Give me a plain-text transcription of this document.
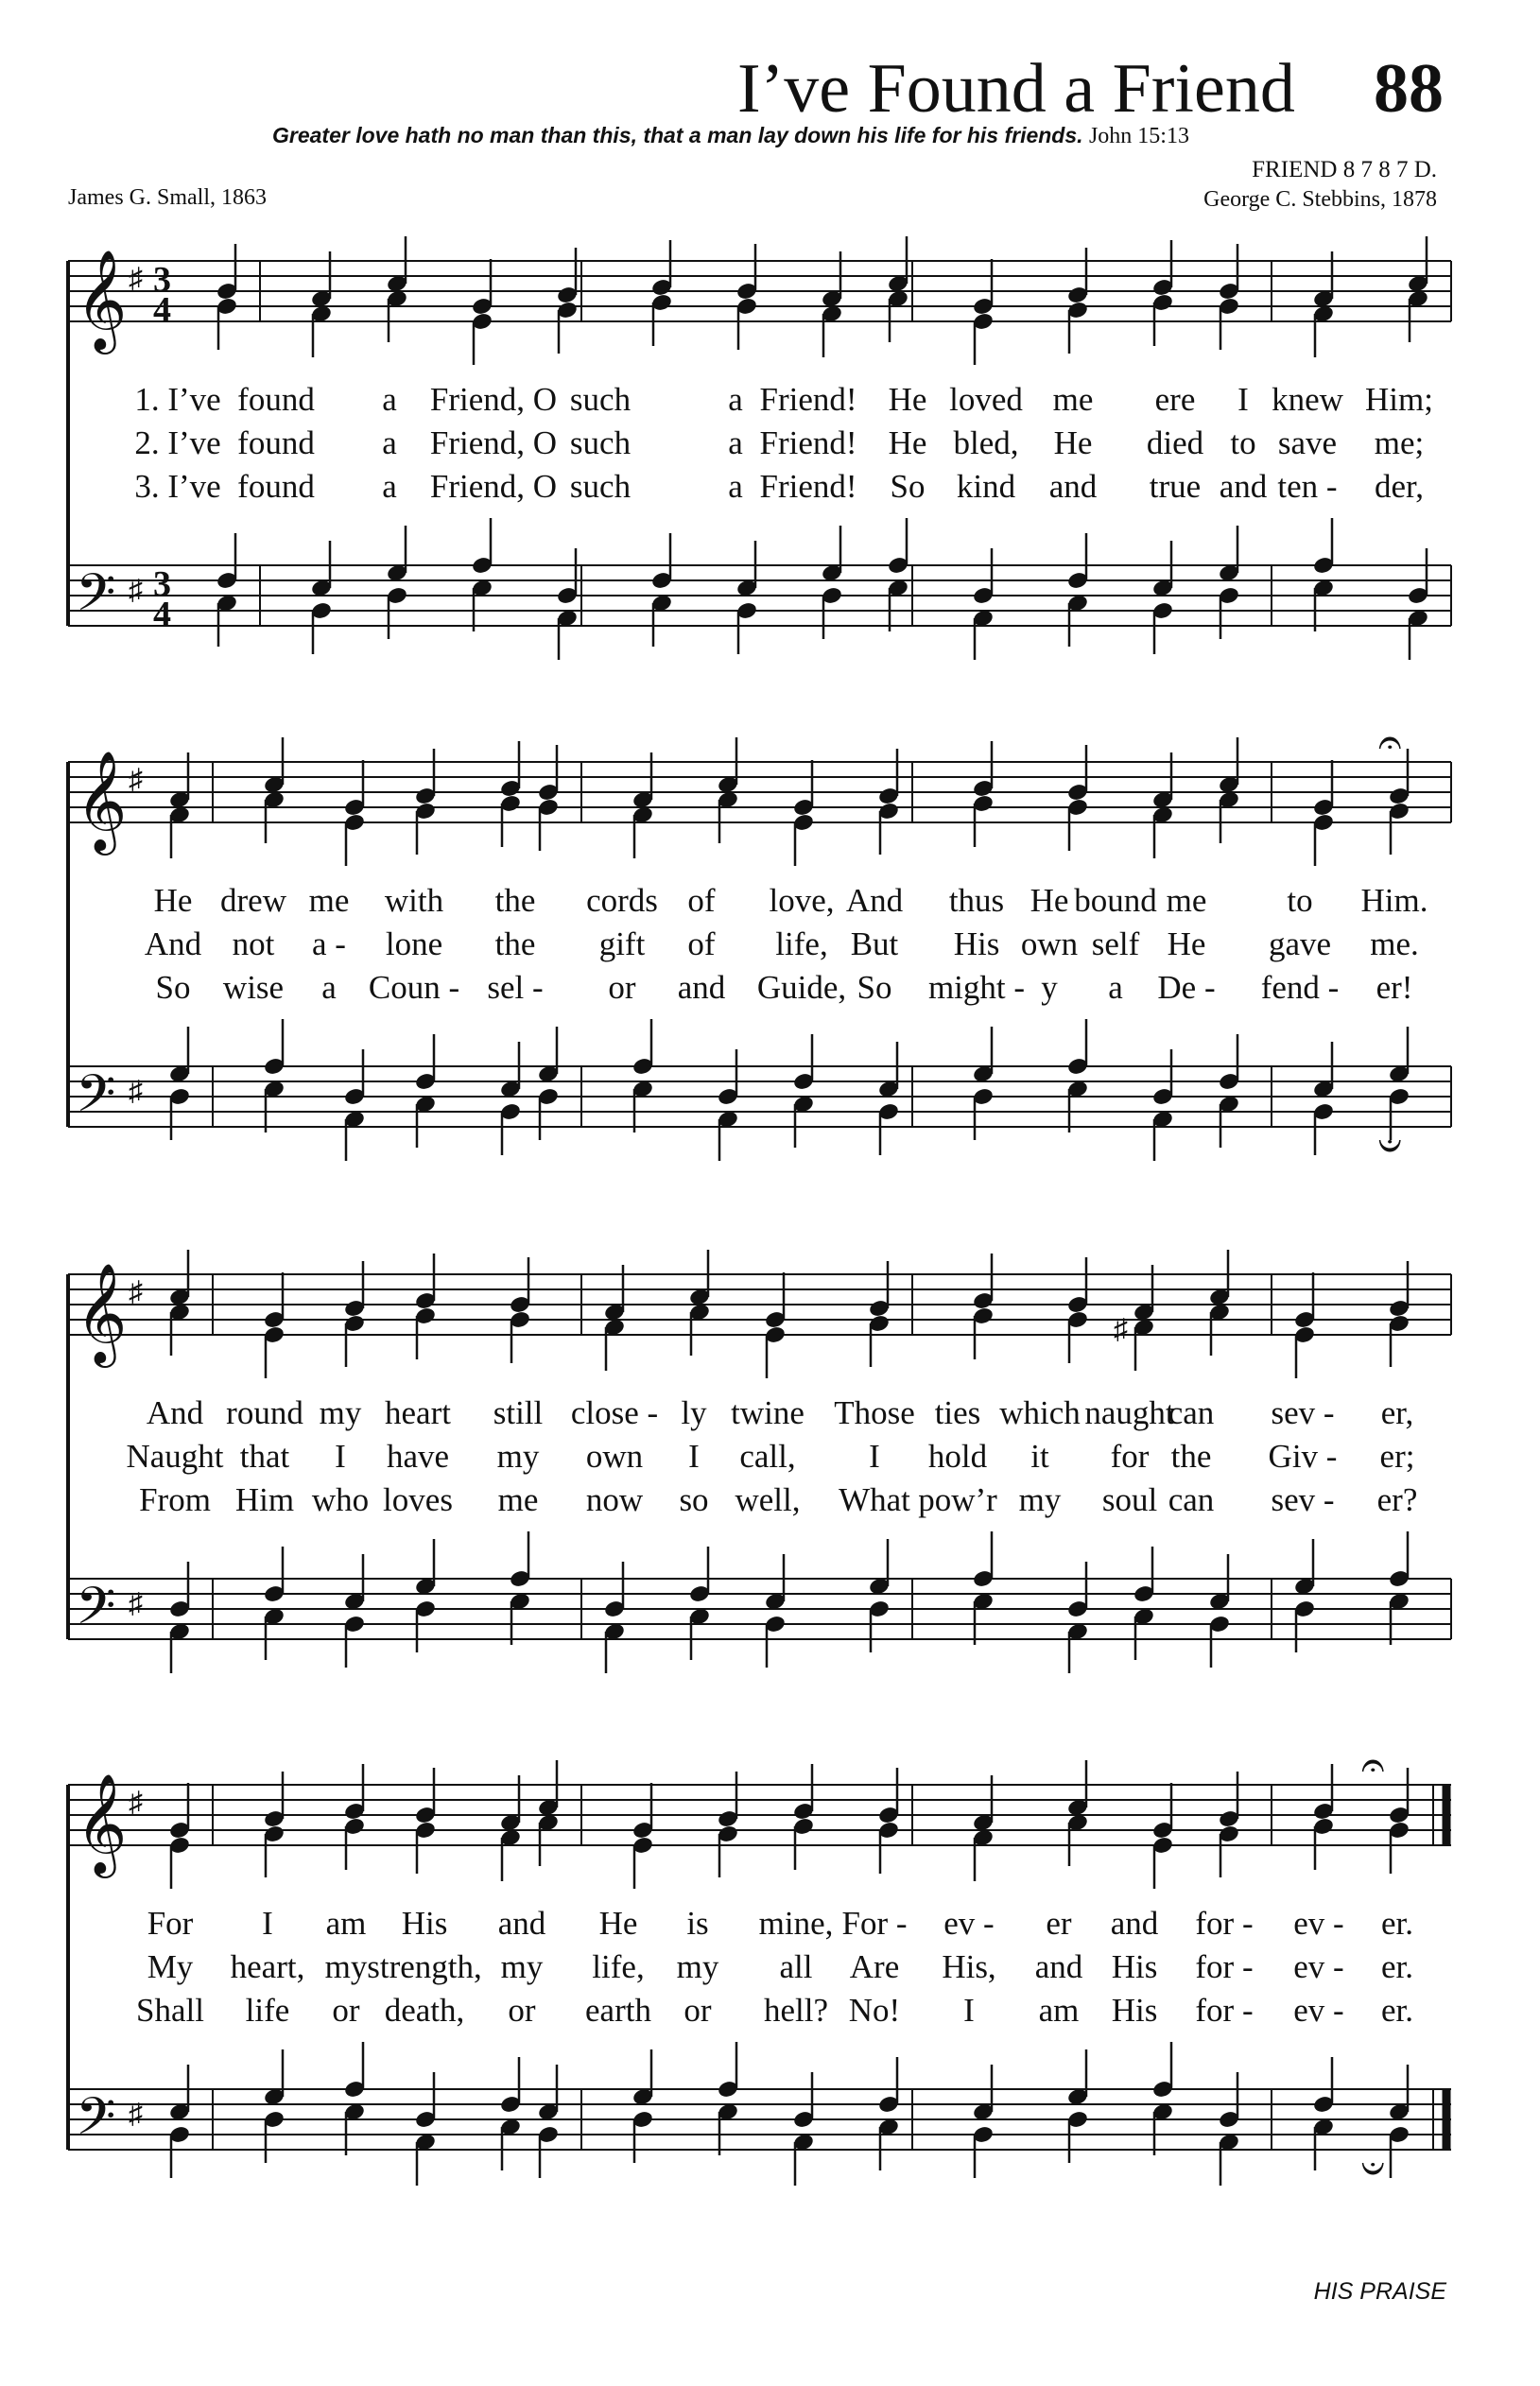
I’ve Found a Friend 88
Greater love hath no man than this, that a man lay down his life for his friends. John 15:13
FRIEND 8 7 8 7 D.
James G. Small, 1863	George C. Stebbins, 1878
𝄞
𝄢
♯
♯
3
4
3
4
1. I’ve found a Friend, O such	a Friend! He loved me ere I knew Him;
2. I’ve found a Friend, O such	a Friend! He bled, He died to save me;
3. I’ve found a Friend, O such	a Friend! So kind and true and ten - der,
𝄞
𝄢
♯
♯
𝄐
𝄑
He drew me with the cords of love, And thus He bound me to Him.
And not a - lone the gift of life, But His own self He gave me.
So wise a Coun - sel - or and Guide, So might - y a De - fend - er!
𝄞
𝄢
♯
♯
♯
And round my heart still close - ly twine Those ties which naught
can sev - er,
Naught that I have my own I call, I hold it for the Giv - er;
From Him who loves me now so well, What pow’r my soul can sev - er?
𝄞
𝄢
♯
♯
𝄐
𝄑
For I am His and He is mine, For - ev - er and for - ev - er.
My heart, my strength, my life, my all Are His, and His for - ev - er.
Shall life or death, or earth or hell? No! I am His for - ev - er.
HIS PRAISE
